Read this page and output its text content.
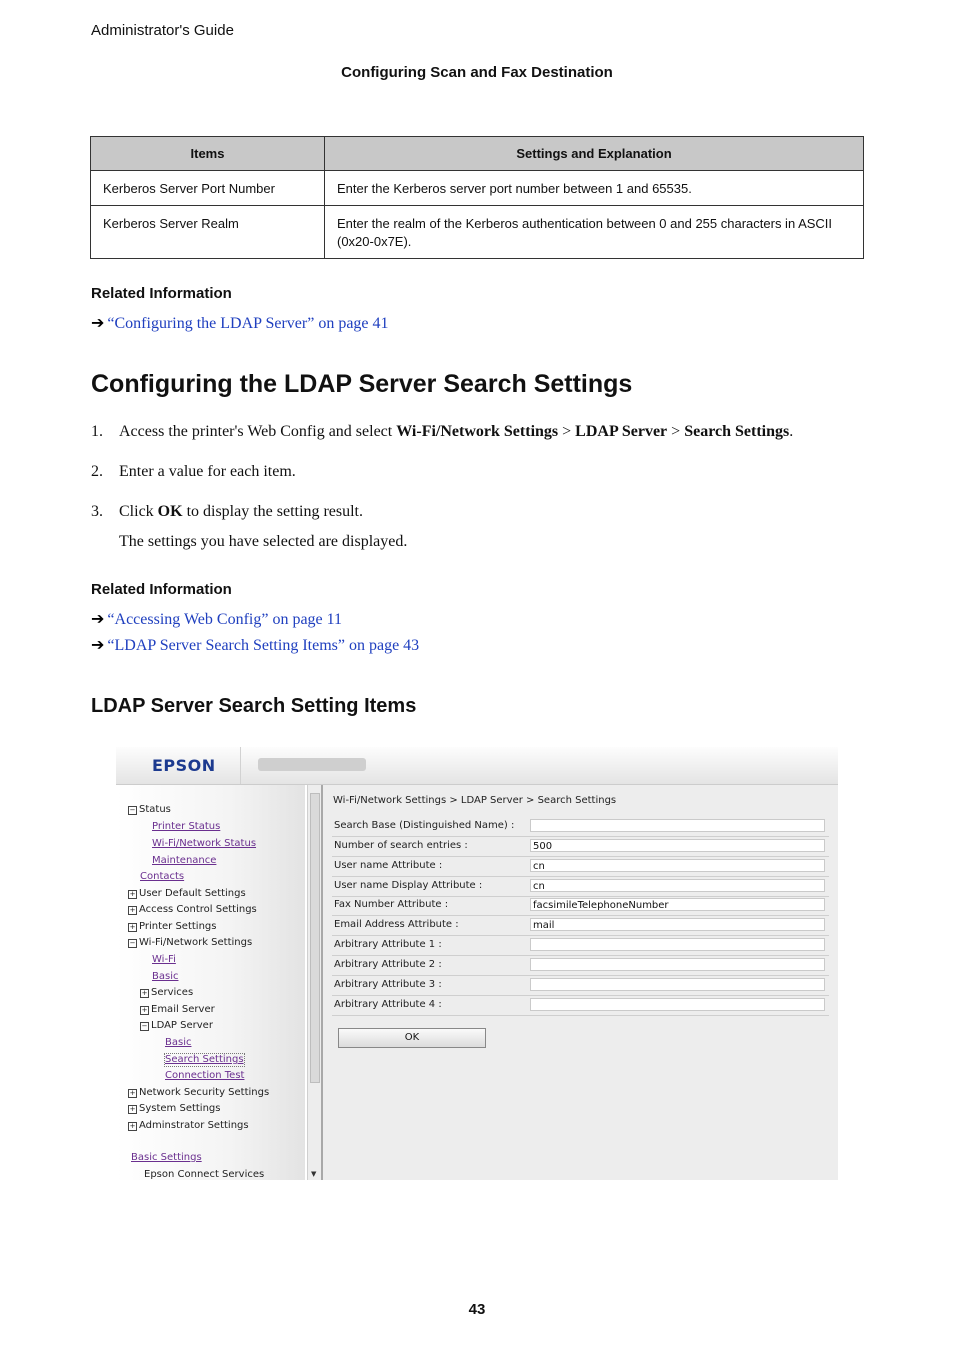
Administrator's Guide
Configuring Scan and Fax Destination
Items	Settings and Explanation
Kerberos Server Port Number	Enter the Kerberos server port number between 1 and 65535.
Kerberos Server Realm	Enter the realm of the Kerberos authentication between 0 and 255 characters in ASCII (0x20-0x7E).
Related Information
➔ “Configuring the LDAP Server” on page 41
Configuring the LDAP Server Search Settings
1. Access the printer's Web Config and select Wi-Fi/Network Settings > LDAP Server > Search Settings.
2. Enter a value for each item.
3. Click OK to display the setting result.
The settings you have selected are displayed.
Related Information
➔ “Accessing Web Config” on page 11
➔ “LDAP Server Search Setting Items” on page 43
LDAP Server Search Setting Items
EPSON
− Status
Printer Status
Wi-Fi/Network Status
Maintenance
Contacts
+ User Default Settings
+ Access Control Settings
+ Printer Settings
− Wi-Fi/Network Settings
Wi-Fi
Basic
+ Services
+ Email Server
− LDAP Server
Basic
Search Settings
Connection Test
+ Network Security Settings
+ System Settings
+ Adminstrator Settings
Basic Settings
Epson Connect Services	▼
Wi-Fi/Network Settings > LDAP Server > Search Settings
Search Base (Distinguished Name) :
Number of search entries :	500
User name Attribute :	cn
User name Display Attribute :	cn
Fax Number Attribute :	facsimileTelephoneNumber
Email Address Attribute :	mail
Arbitrary Attribute 1 :
Arbitrary Attribute 2 :
Arbitrary Attribute 3 :
Arbitrary Attribute 4 :
OK
43
